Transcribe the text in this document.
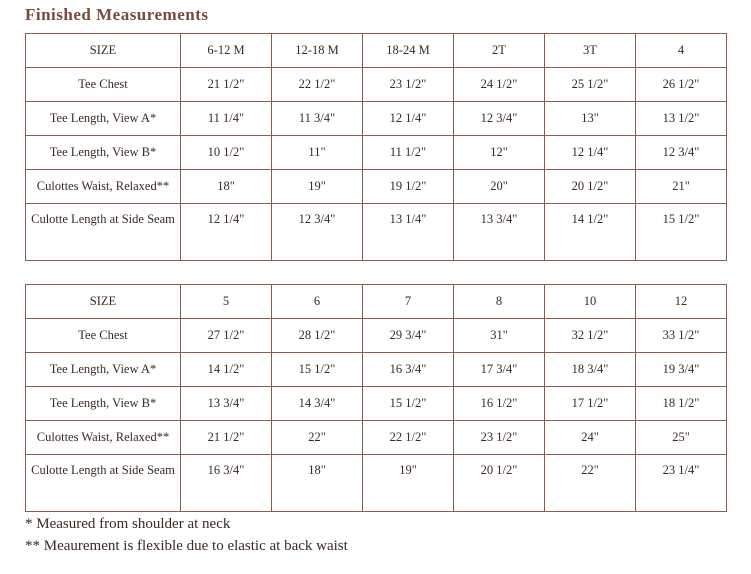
Finished Measurements
SIZE	6-12 M	12-18 M	18-24 M	2T	3T	4
Tee Chest	21 1/2"	22 1/2"	23 1/2"	24 1/2"	25 1/2"	26 1/2"
Tee Length, View A*	11 1/4"	11 3/4"	12 1/4"	12 3/4"	13"	13 1/2"
Tee Length, View B*	10 1/2"	11"	11 1/2"	12"	12 1/4"	12 3/4"
Culottes Waist, Relaxed**	18"	19"	19 1/2"	20"	20 1/2"	21"
Culotte Length at Side Seam	12 1/4"	12 3/4"	13 1/4"	13 3/4"	14 1/2"	15 1/2"
SIZE	5	6	7	8	10	12
Tee Chest	27 1/2"	28 1/2"	29 3/4"	31"	32 1/2"	33 1/2"
Tee Length, View A*	14 1/2"	15 1/2"	16 3/4"	17 3/4"	18 3/4"	19 3/4"
Tee Length, View B*	13 3/4"	14 3/4"	15 1/2"	16 1/2"	17 1/2"	18 1/2"
Culottes Waist, Relaxed**	21 1/2"	22"	22 1/2"	23 1/2"	24"	25"
Culotte Length at Side Seam	16 3/4"	18"	19"	20 1/2"	22"	23 1/4"
* Measured from shoulder at neck
** Meaurement is flexible due to elastic at back waist
